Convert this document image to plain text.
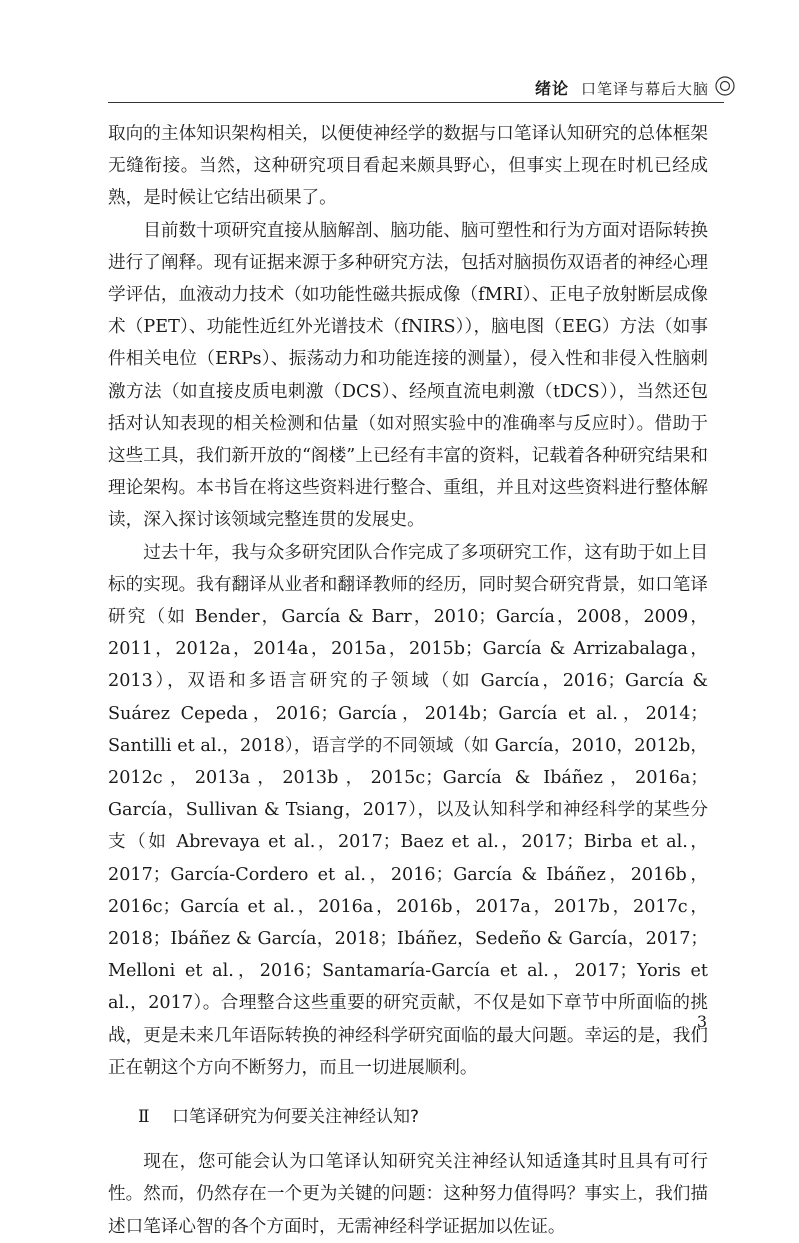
绪论 口笔译与幕后大脑

取向的主体知识架构相关，以便使神经学的数据与口笔译认知研究的总体框架无缝衔接。当然，这种研究项目看起来颇具野心，但事实上现在时机已经成熟，是时候让它结出硕果了。

目前数十项研究直接从脑解剖、脑功能、脑可塑性和行为方面对语际转换进行了阐释。现有证据来源于多种研究方法，包括对脑损伤双语者的神经心理学评估，血液动力技术（如功能性磁共振成像（fMRI）、正电子放射断层成像术（PET）、功能性近红外光谱技术（fNIRS）），脑电图（EEG）方法（如事件相关电位（ERPs）、振荡动力和功能连接的测量），侵入性和非侵入性脑刺激方法（如直接皮质电刺激（DCS）、经颅直流电刺激（tDCS）），当然还包括对认知表现的相关检测和估量（如对照实验中的准确率与反应时）。借助于这些工具，我们新开放的“阁楼”上已经有丰富的资料，记载着各种研究结果和理论架构。本书旨在将这些资料进行整合、重组，并且对这些资料进行整体解读，深入探讨该领域完整连贯的发展史。

过去十年，我与众多研究团队合作完成了多项研究工作，这有助于如上目标的实现。我有翻译从业者和翻译教师的经历，同时契合研究背景，如口笔译研究（如 Bender，García & Barr，2010；García，2008，2009，2011，2012a，2014a，2015a，2015b；García & Arrizabalaga，2013），双语和多语言研究的子领域（如 García，2016；García & Suárez Cepeda，2016；García，2014b；García et al.，2014；Santilli et al.，2018），语言学的不同领域（如 García，2010，2012b，2012c，2013a，2013b，2015c；García & Ibáñez，2016a；García，Sullivan & Tsiang，2017），以及认知科学和神经科学的某些分支（如 Abrevaya et al.，2017；Baez et al.，2017；Birba et al.，2017；García-Cordero et al.，2016；García & Ibáñez，2016b，2016c；García et al.，2016a，2016b，2017a，2017b，2017c，2018；Ibáñez & García，2018；Ibáñez，Sedeño & García，2017；Melloni et al.，2016；Santamaría-García et al.，2017；Yoris et al.，2017）。合理整合这些重要的研究贡献，不仅是如下章节中所面临的挑战，更是未来几年语际转换的神经科学研究面临的最大问题。幸运的是，我们正在朝这个方向不断努力，而且一切进展顺利。

Ⅱ 口笔译研究为何要关注神经认知?

现在，您可能会认为口笔译认知研究关注神经认知适逢其时且具有可行性。然而，仍然存在一个更为关键的问题：这种努力值得吗？事实上，我们描述口笔译心智的各个方面时，无需神经科学证据加以佐证。

3
